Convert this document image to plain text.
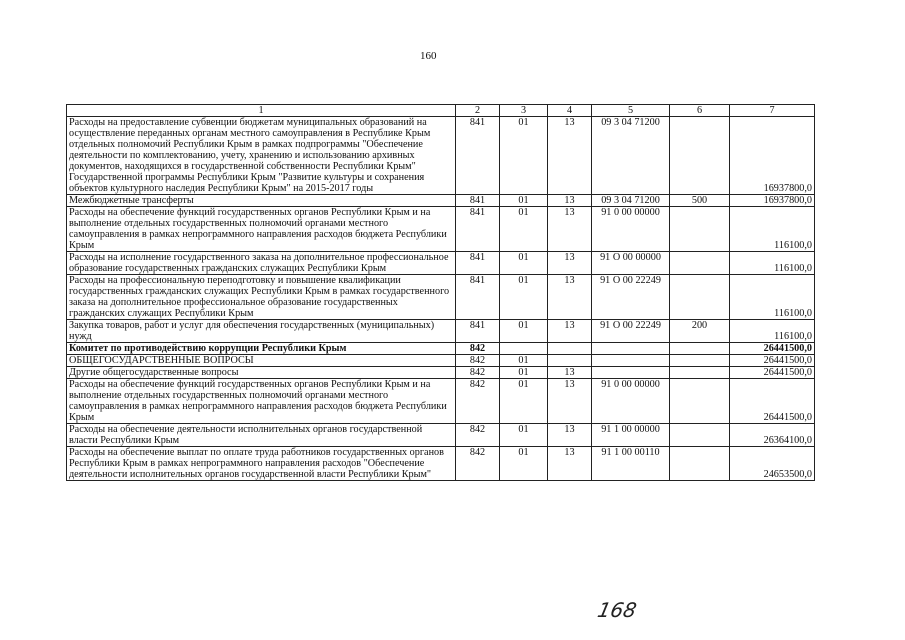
160
1	2	3	4	5	6	7
Расходы на предоставление субвенции бюджетам муниципальных образований на осуществление переданных органам местного самоуправления в Республике Крым отдельных полномочий Республики Крым в рамках подпрограммы "Обеспечение деятельности по комплектованию, учету, хранению и использованию архивных документов, находящихся в государственной собственности Республики Крым" Государственной программы Республики Крым "Развитие культуры и сохранения объектов культурного наследия Республики Крым" на 2015-2017 годы	841	01	13	09 3 04 71200		16937800,0
Межбюджетные трансферты	841	01	13	09 3 04 71200	500	16937800,0
Расходы на обеспечение функций государственных органов Республики Крым и на выполнение отдельных государственных полномочий органами местного самоуправления в рамках непрограммного направления расходов бюджета Республики Крым	841	01	13	91 0 00 00000		116100,0
Расходы на исполнение государственного заказа на дополнительное профессиональное образование государственных гражданских служащих Республики Крым	841	01	13	91 О 00 00000		116100,0
Расходы на профессиональную переподготовку и повышение квалификации государственных гражданских служащих Республики Крым в рамках государственного заказа на дополнительное профессиональное образование государственных гражданских служащих Республики Крым	841	01	13	91 О 00 22249		116100,0
Закупка товаров, работ и услуг для обеспечения государственных (муниципальных) нужд	841	01	13	91 О 00 22249	200	116100,0
Комитет по противодействию коррупции Республики Крым	842					26441500,0
ОБЩЕГОСУДАРСТВЕННЫЕ ВОПРОСЫ	842	01				26441500,0
Другие общегосударственные вопросы	842	01	13			26441500,0
Расходы на обеспечение функций государственных органов Республики Крым и на выполнение отдельных государственных полномочий органами местного самоуправления в рамках непрограммного направления расходов бюджета Республики Крым	842	01	13	91 0 00 00000		26441500,0
Расходы на обеспечение деятельности исполнительных органов государственной власти Республики Крым	842	01	13	91 1 00 00000		26364100,0
Расходы на обеспечение выплат по оплате труда работников государственных органов Республики Крым в рамках непрограммного направления расходов "Обеспечение деятельности исполнительных органов государственной власти Республики Крым"	842	01	13	91 1 00 00110		24653500,0
168
